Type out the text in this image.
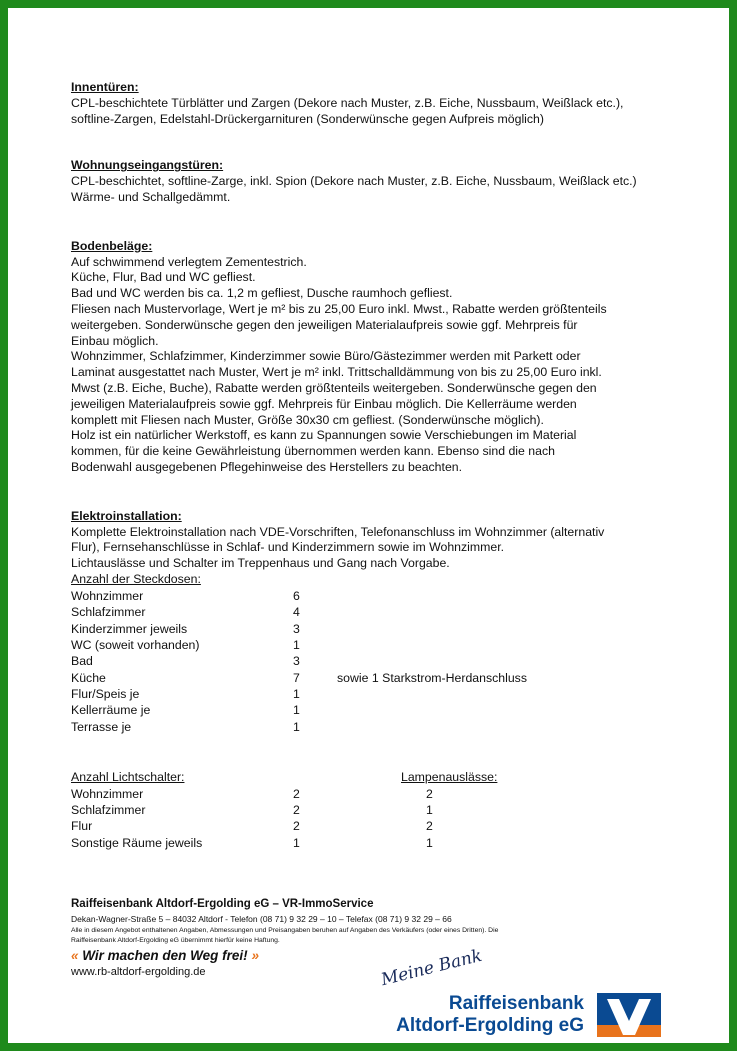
Innentüren:

CPL-beschichtete Türblätter und Zargen (Dekore nach Muster, z.B. Eiche, Nussbaum, Weißlack etc.),

softline-Zargen, Edelstahl-Drückergarnituren (Sonderwünsche gegen Aufpreis möglich)

Wohnungseingangstüren:

CPL-beschichtet, softline-Zarge, inkl. Spion (Dekore nach Muster, z.B. Eiche, Nussbaum, Weißlack etc.)

Wärme- und Schallgedämmt.

Bodenbeläge:

Auf schwimmend verlegtem Zementestrich.

Küche, Flur, Bad und WC gefliest.

Bad und WC werden bis ca. 1,2 m gefliest, Dusche raumhoch gefliest.

Fliesen nach Mustervorlage, Wert je m² bis zu 25,00 Euro inkl. Mwst., Rabatte werden größtenteils

weitergeben. Sonderwünsche gegen den jeweiligen Materialaufpreis sowie ggf. Mehrpreis für

Einbau möglich.

Wohnzimmer, Schlafzimmer, Kinderzimmer sowie Büro/Gästezimmer werden mit Parkett oder

Laminat ausgestattet nach Muster, Wert je m² inkl. Trittschalldämmung von bis zu 25,00 Euro inkl.

Mwst (z.B. Eiche, Buche), Rabatte werden größtenteils weitergeben. Sonderwünsche gegen den

jeweiligen Materialaufpreis sowie ggf. Mehrpreis für Einbau möglich. Die Kellerräume werden

komplett mit Fliesen nach Muster, Größe 30x30 cm gefliest. (Sonderwünsche möglich).

Holz ist ein natürlicher Werkstoff, es kann zu Spannungen sowie Verschiebungen im Material

kommen, für die keine Gewährleistung übernommen werden kann. Ebenso sind die nach

Bodenwahl ausgegebenen Pflegehinweise des Herstellers zu beachten.

Elektroinstallation:

Komplette Elektroinstallation nach VDE-Vorschriften, Telefonanschluss im Wohnzimmer (alternativ

Flur), Fernsehanschlüsse in Schlaf- und Kinderzimmern sowie im Wohnzimmer.

Lichtauslässe und Schalter im Treppenhaus und Gang nach Vorgabe.

Anzahl der Steckdosen:
Wohnzimmer	6
Schlafzimmer	4
Kinderzimmer jeweils	3
WC (soweit vorhanden)	1
Bad	3
Küche	7	sowie 1 Starkstrom-Herdanschluss
Flur/Speis je	1
Kellerräume je	1
Terrasse je	1
Anzahl Lichtschalter:	Lampenauslässe:
Wohnzimmer	2	2
Schlafzimmer	2	1
Flur	2	2
Sonstige Räume jeweils	1	1
Raiffeisenbank Altdorf-Ergolding eG – VR-ImmoService
Dekan-Wagner-Straße 5 – 84032 Altdorf - Telefon (08 71) 9 32 29 – 10 – Telefax (08 71) 9 32 29 – 66
Alle in diesem Angebot enthaltenen Angaben, Abmessungen und Preisangaben beruhen auf Angaben des Verkäufers (oder eines Dritten). Die
Raiffeisenbank Altdorf-Ergolding eG übernimmt hierfür keine Haftung.
« Wir machen den Weg frei! »
www.rb-altdorf-ergolding.de	Meine Bank
Raiffeisenbank
Altdorf-Ergolding eG
